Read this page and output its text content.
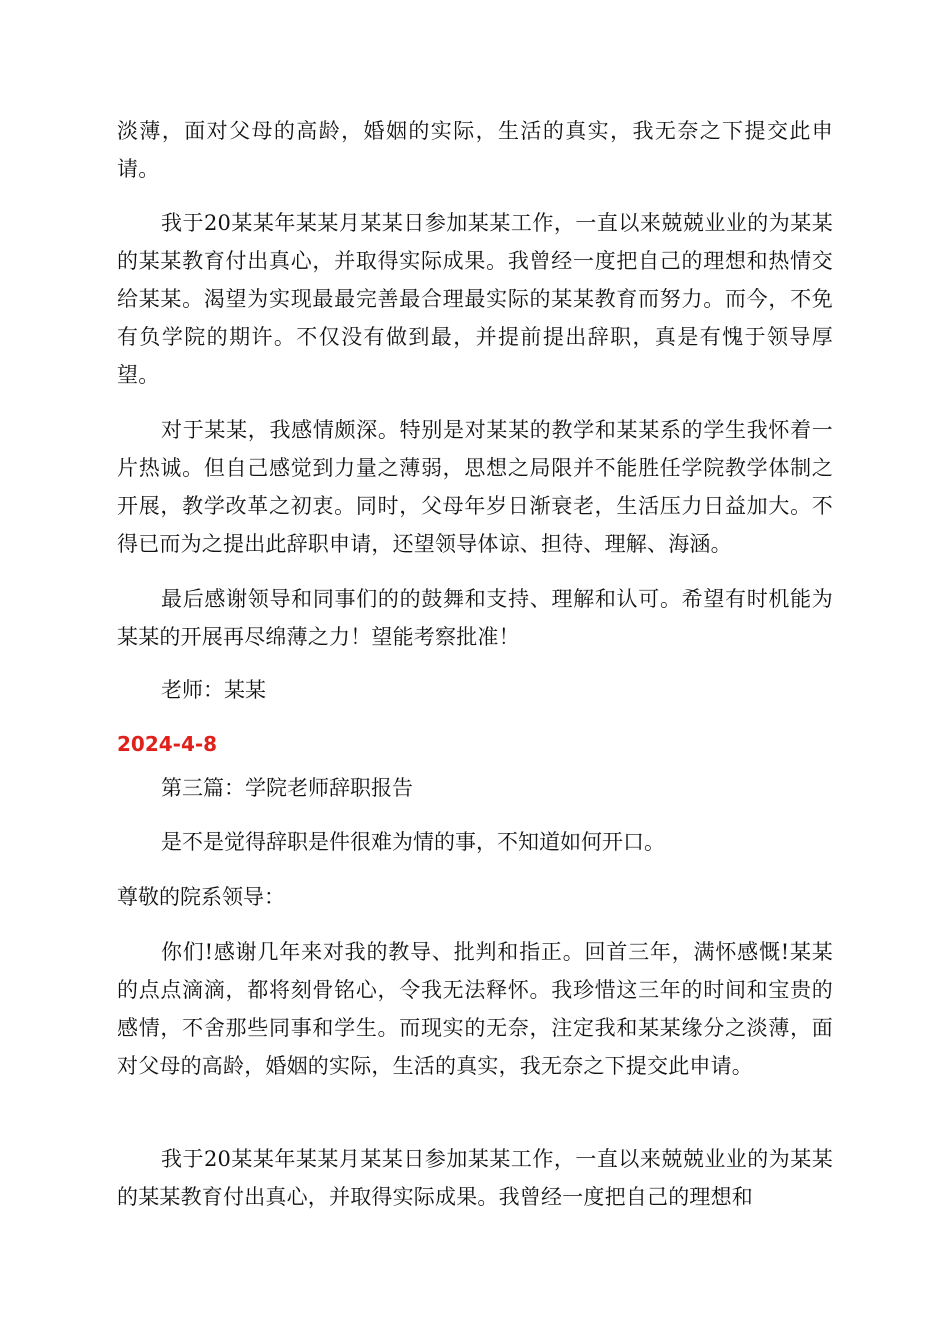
淡薄，面对父母的高龄，婚姻的实际，生活的真实，我无奈之下提交此申请。
我于20某某年某某月某某日参加某某工作，一直以来兢兢业业的为某某的某某教育付出真心，并取得实际成果。我曾经一度把自己的理想和热情交给某某。渴望为实现最最完善最合理最实际的某某教育而努力。而今，不免有负学院的期许。不仅没有做到最，并提前提出辞职，真是有愧于领导厚望。
对于某某，我感情颇深。特别是对某某的教学和某某系的学生我怀着一片热诚。但自己感觉到力量之薄弱，思想之局限并不能胜任学院教学体制之开展，教学改革之初衷。同时，父母年岁日渐衰老，生活压力日益加大。不得已而为之提出此辞职申请，还望领导体谅、担待、理解、海涵。
最后感谢领导和同事们的的鼓舞和支持、理解和认可。希望有时机能为某某的开展再尽绵薄之力！望能考察批准！
老师：某某
2024-4-8
第三篇：学院老师辞职报告
是不是觉得辞职是件很难为情的事，不知道如何开口。
尊敬的院系领导：
你们!感谢几年来对我的教导、批判和指正。回首三年，满怀感慨!某某的点点滴滴，都将刻骨铭心，令我无法释怀。我珍惜这三年的时间和宝贵的感情，不舍那些同事和学生。而现实的无奈，注定我和某某缘分之淡薄，面对父母的高龄，婚姻的实际，生活的真实，我无奈之下提交此申请。
我于20某某年某某月某某日参加某某工作，一直以来兢兢业业的为某某的某某教育付出真心，并取得实际成果。我曾经一度把自己的理想和
